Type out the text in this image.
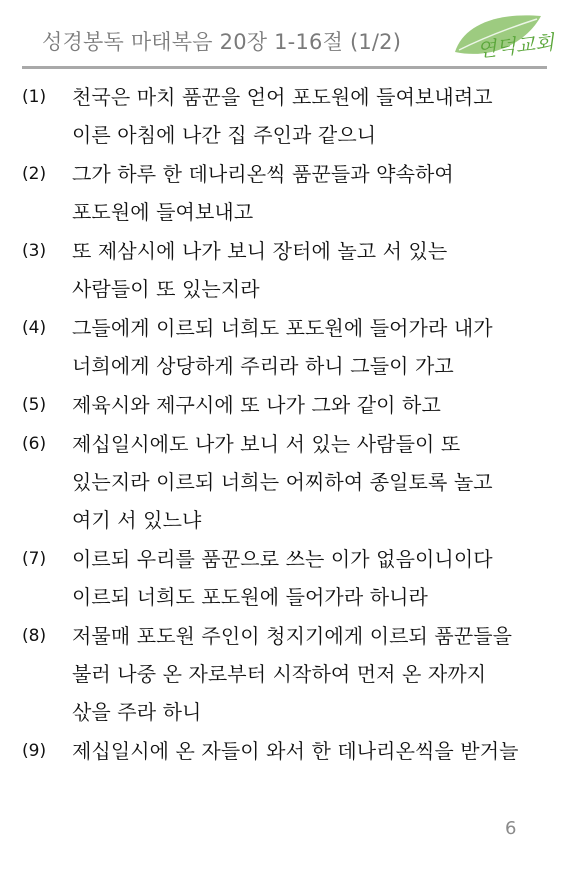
성경봉독 마태복음 20장 1-16절 (1/2)	연덕교회
(1)	천국은 마치 품꾼을 얻어 포도원에 들여보내려고
이른 아침에 나간 집 주인과 같으니
(2)	그가 하루 한 데나리온씩 품꾼들과 약속하여
포도원에 들여보내고
(3)	또 제삼시에 나가 보니 장터에 놀고 서 있는
사람들이 또 있는지라
(4)	그들에게 이르되 너희도 포도원에 들어가라 내가
너희에게 상당하게 주리라 하니 그들이 가고
(5)	제육시와 제구시에 또 나가 그와 같이 하고
(6)	제십일시에도 나가 보니 서 있는 사람들이 또
있는지라 이르되 너희는 어찌하여 종일토록 놀고
여기 서 있느냐
(7)	이르되 우리를 품꾼으로 쓰는 이가 없음이니이다
이르되 너희도 포도원에 들어가라 하니라
(8)	저물매 포도원 주인이 청지기에게 이르되 품꾼들을
불러 나중 온 자로부터 시작하여 먼저 온 자까지
삯을 주라 하니
(9)	제십일시에 온 자들이 와서 한 데나리온씩을 받거늘
6
